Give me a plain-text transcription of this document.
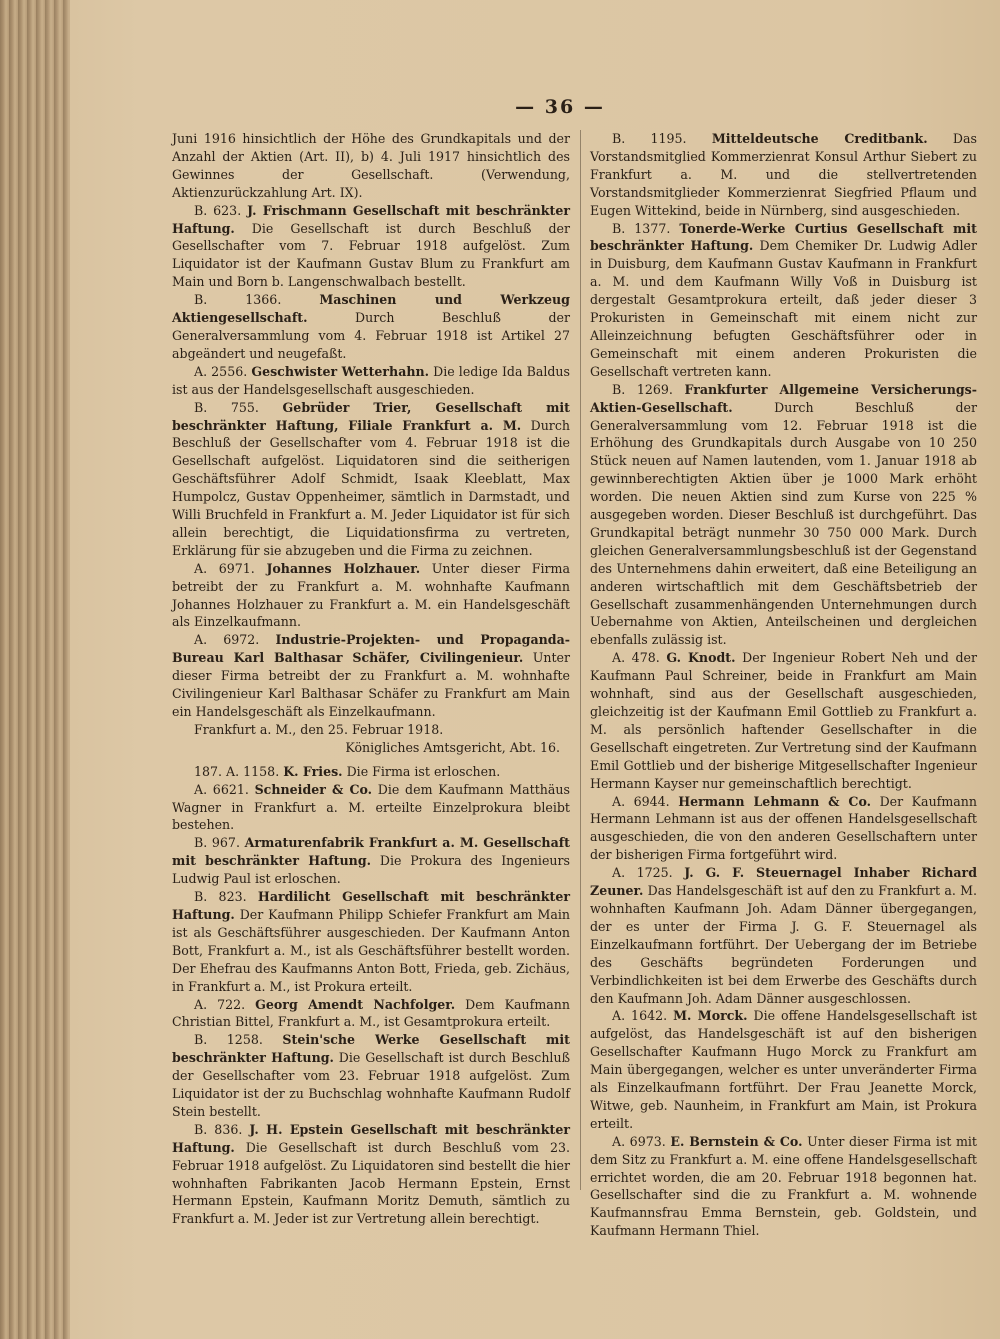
— 36 —

Juni 1916 hinsichtlich der Höhe des Grundkapitals und der Anzahl der Aktien (Art. II), b) 4. Juli 1917 hinsichtlich des Gewinnes der Gesellschaft. (Verwendung, Aktienzurückzahlung Art. IX).

B. 623. J. Frischmann Gesellschaft mit beschränkter Haftung. Die Gesellschaft ist durch Beschluß der Gesellschafter vom 7. Februar 1918 aufgelöst. Zum Liquidator ist der Kaufmann Gustav Blum zu Frankfurt am Main und Born b. Langenschwalbach bestellt.

B. 1366.	Maschinen und Werkzeug Aktiengesellschaft.	Durch Beschluß der Generalversammlung vom 4. Februar 1918 ist Artikel 27 abgeändert und neugefaßt.

A. 2556. Geschwister Wetterhahn. Die ledige Ida Baldus ist aus der Handelsgesellschaft ausgeschieden.

B. 755. Gebrüder Trier, Gesellschaft mit beschränkter Haftung, Filiale Frankfurt a. M. Durch Beschluß der Gesellschafter vom 4. Februar 1918 ist die Gesellschaft aufgelöst. Liquidatoren sind die seitherigen Geschäftsführer Adolf Schmidt, Isaak Kleeblatt, Max Humpolcz, Gustav Oppenheimer, sämtlich in Darmstadt, und Willi Bruchfeld in Frankfurt a. M. Jeder Liquidator ist für sich allein berechtigt, die Liquidationsfirma zu vertreten, Erklärung für sie abzugeben und die Firma zu zeichnen.

A. 6971. Johannes Holzhauer. Unter dieser Firma betreibt der zu Frankfurt a. M. wohnhafte Kaufmann Johannes Holzhauer zu Frankfurt a. M. ein Handelsgeschäft als Einzelkaufmann.

A. 6972. Industrie-Projekten- und Propaganda-Bureau Karl Balthasar Schäfer, Civilingenieur. Unter dieser Firma betreibt der zu Frankfurt a. M. wohnhafte Civilingenieur Karl Balthasar Schäfer zu Frankfurt am Main ein Handelsgeschäft als Einzelkaufmann.

Frankfurt a. M., den 25. Februar 1918.

Königliches Amtsgericht, Abt. 16.

187. A. 1158. K. Fries. Die Firma ist erloschen.

A. 6621. Schneider & Co. Die dem Kaufmann Matthäus Wagner in Frankfurt a. M. erteilte Einzelprokura bleibt bestehen.

B. 967. Armaturenfabrik Frankfurt a. M. Gesellschaft mit beschränkter Haftung. Die Prokura des Ingenieurs Ludwig Paul ist erloschen.

B. 823. Hardilicht Gesellschaft mit beschränkter Haftung. Der Kaufmann Philipp Schiefer Frankfurt am Main ist als Geschäftsführer ausgeschieden. Der Kaufmann Anton Bott, Frankfurt a. M., ist als Geschäftsführer bestellt worden. Der Ehefrau des Kaufmanns Anton Bott, Frieda, geb. Zichäus, in Frankfurt a. M., ist Prokura erteilt.

A. 722. Georg Amendt Nachfolger. Dem Kaufmann Christian Bittel, Frankfurt a. M., ist Gesamtprokura erteilt.

B. 1258. Stein'sche Werke Gesellschaft mit beschränkter Haftung. Die Gesellschaft ist durch Beschluß der Gesellschafter vom 23. Februar 1918 aufgelöst. Zum Liquidator ist der zu Buchschlag wohnhafte Kaufmann Rudolf Stein bestellt.

B. 836. J. H. Epstein Gesellschaft mit beschränkter Haftung. Die Gesellschaft ist durch Beschluß vom 23. Februar 1918 aufgelöst. Zu Liquidatoren sind bestellt die hier wohnhaften Fabrikanten Jacob Hermann Epstein, Ernst Hermann Epstein, Kaufmann Moritz Demuth, sämtlich zu Frankfurt a. M. Jeder ist zur Vertretung allein berechtigt.

B. 1195. Mitteldeutsche Creditbank. Das Vorstandsmitglied Kommerzienrat Konsul Arthur Siebert zu Frankfurt a. M. und die stellvertretenden Vorstandsmitglieder Kommerzienrat Siegfried Pflaum und Eugen Wittekind, beide in Nürnberg, sind ausgeschieden.

B. 1377. Tonerde-Werke Curtius Gesellschaft mit beschränkter Haftung. Dem Chemiker Dr. Ludwig Adler in Duisburg, dem Kaufmann Gustav Kaufmann in Frankfurt a. M. und dem Kaufmann Willy Voß in Duisburg ist dergestalt Gesamtprokura erteilt, daß jeder dieser 3 Prokuristen in Gemeinschaft mit einem nicht zur Alleinzeichnung befugten Geschäftsführer oder in Gemeinschaft mit einem anderen Prokuristen die Gesellschaft vertreten kann.

B. 1269. Frankfurter Allgemeine Versicherungs-Aktien-Gesellschaft.	Durch Beschluß der Generalversammlung vom 12. Februar 1918 ist die Erhöhung des Grundkapitals durch Ausgabe von 10 250 Stück neuen auf Namen lautenden, vom 1. Januar 1918 ab gewinnberechtigten Aktien über je 1000 Mark erhöht worden. Die neuen Aktien sind zum Kurse von 225 % ausgegeben worden. Dieser Beschluß ist durchgeführt. Das Grundkapital beträgt nunmehr 30 750 000 Mark. Durch gleichen Generalversammlungsbeschluß ist der Gegenstand des Unternehmens dahin erweitert, daß eine Beteiligung an anderen wirtschaftlich mit dem Geschäftsbetrieb der Gesellschaft zusammenhängenden Unternehmungen durch Uebernahme von Aktien, Anteilscheinen und dergleichen ebenfalls zulässig ist.

A. 478. G. Knodt. Der Ingenieur Robert Neh und der Kaufmann Paul Schreiner, beide in Frankfurt am Main wohnhaft, sind aus der Gesellschaft ausgeschieden, gleichzeitig ist der Kaufmann Emil Gottlieb zu Frankfurt a. M. als persönlich haftender Gesellschafter in die Gesellschaft eingetreten. Zur Vertretung sind der Kaufmann Emil Gottlieb und der bisherige Mitgesellschafter Ingenieur Hermann Kayser nur gemeinschaftlich berechtigt.

A. 6944. Hermann Lehmann & Co. Der Kaufmann Hermann Lehmann ist aus der offenen Handelsgesellschaft ausgeschieden, die von den anderen Gesellschaftern unter der bisherigen Firma fortgeführt wird.

A. 1725. J. G. F. Steuernagel Inhaber Richard Zeuner. Das Handelsgeschäft ist auf den zu Frankfurt a. M. wohnhaften Kaufmann Joh. Adam Dänner übergegangen, der es unter der Firma J. G. F. Steuernagel als Einzelkaufmann fortführt. Der Uebergang der im Betriebe des Geschäfts begründeten Forderungen und Verbindlichkeiten ist bei dem Erwerbe des Geschäfts durch den Kaufmann Joh. Adam Dänner ausgeschlossen.

A. 1642. M. Morck. Die offene Handelsgesellschaft ist aufgelöst, das Handelsgeschäft ist auf den bisherigen Gesellschafter Kaufmann Hugo Morck zu Frankfurt am Main übergegangen, welcher es unter unveränderter Firma als Einzelkaufmann fortführt. Der Frau Jeanette Morck, Witwe, geb. Naunheim, in Frankfurt am Main, ist Prokura erteilt.

A. 6973. E. Bernstein & Co. Unter dieser Firma ist mit dem Sitz zu Frankfurt a. M. eine offene Handelsgesellschaft errichtet worden, die am 20. Februar 1918 begonnen hat. Gesellschafter sind die zu Frankfurt a. M. wohnende Kaufmannsfrau Emma Bernstein, geb. Goldstein, und Kaufmann Hermann Thiel.
